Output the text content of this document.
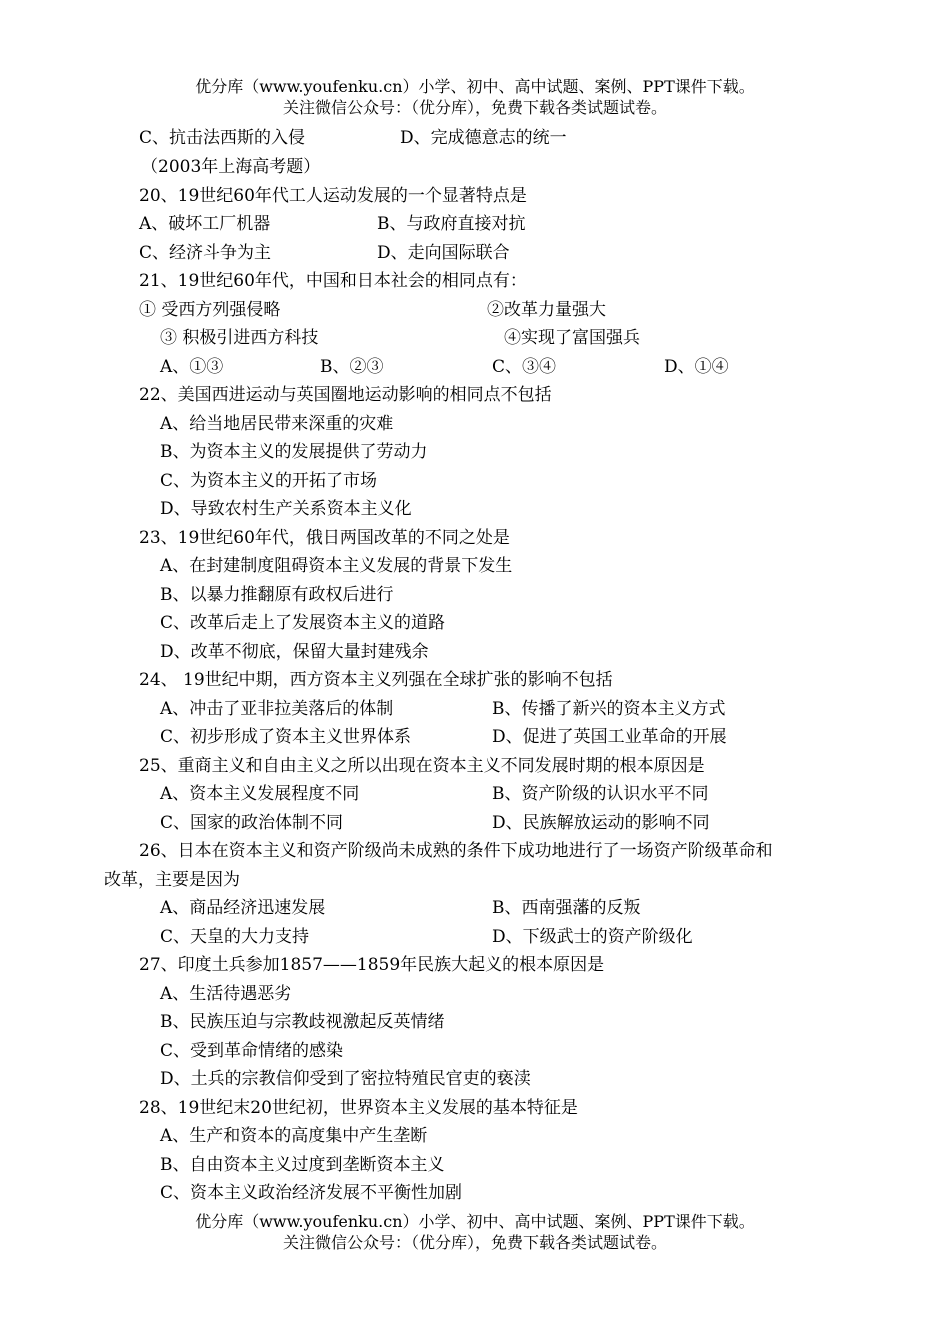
优分库（www.youfenku.cn）小学、初中、高中试题、案例、PPT课件下载。
关注微信公众号：（优分库），免费下载各类试题试卷。
C、抗击法西斯的入侵	D、完成德意志的统一
（2003年上海高考题）
20、19世纪60年代工人运动发展的一个显著特点是
A、破坏工厂机器	B、与政府直接对抗
C、经济斗争为主	D、走向国际联合
21、19世纪60年代，中国和日本社会的相同点有：
① 受西方列强侵略	②改革力量强大
③ 积极引进西方科技	④实现了富国强兵
A、①③	B、②③	C、③④	D、①④
22、美国西进运动与英国圈地运动影响的相同点不包括
A、给当地居民带来深重的灾难
B、为资本主义的发展提供了劳动力
C、为资本主义的开拓了市场
D、导致农村生产关系资本主义化
23、19世纪60年代，俄日两国改革的不同之处是
A、在封建制度阻碍资本主义发展的背景下发生
B、以暴力推翻原有政权后进行
C、改革后走上了发展资本主义的道路
D、改革不彻底，保留大量封建残余
24、 19世纪中期，西方资本主义列强在全球扩张的影响不包括
A、冲击了亚非拉美落后的体制	B、传播了新兴的资本主义方式
C、初步形成了资本主义世界体系	D、促进了英国工业革命的开展
25、重商主义和自由主义之所以出现在资本主义不同发展时期的根本原因是
A、资本主义发展程度不同	B、资产阶级的认识水平不同
C、国家的政治体制不同	D、民族解放运动的影响不同
26、日本在资本主义和资产阶级尚未成熟的条件下成功地进行了一场资产阶级革命和
改革，主要是因为
A、商品经济迅速发展	B、西南强藩的反叛
C、天皇的大力支持	D、下级武士的资产阶级化
27、印度土兵参加1857——1859年民族大起义的根本原因是
A、生活待遇恶劣
B、民族压迫与宗教歧视激起反英情绪
C、受到革命情绪的感染
D、土兵的宗教信仰受到了密拉特殖民官吏的亵渎
28、19世纪末20世纪初，世界资本主义发展的基本特征是
A、生产和资本的高度集中产生垄断
B、自由资本主义过度到垄断资本主义
C、资本主义政治经济发展不平衡性加剧
优分库（www.youfenku.cn）小学、初中、高中试题、案例、PPT课件下载。
关注微信公众号：（优分库），免费下载各类试题试卷。
